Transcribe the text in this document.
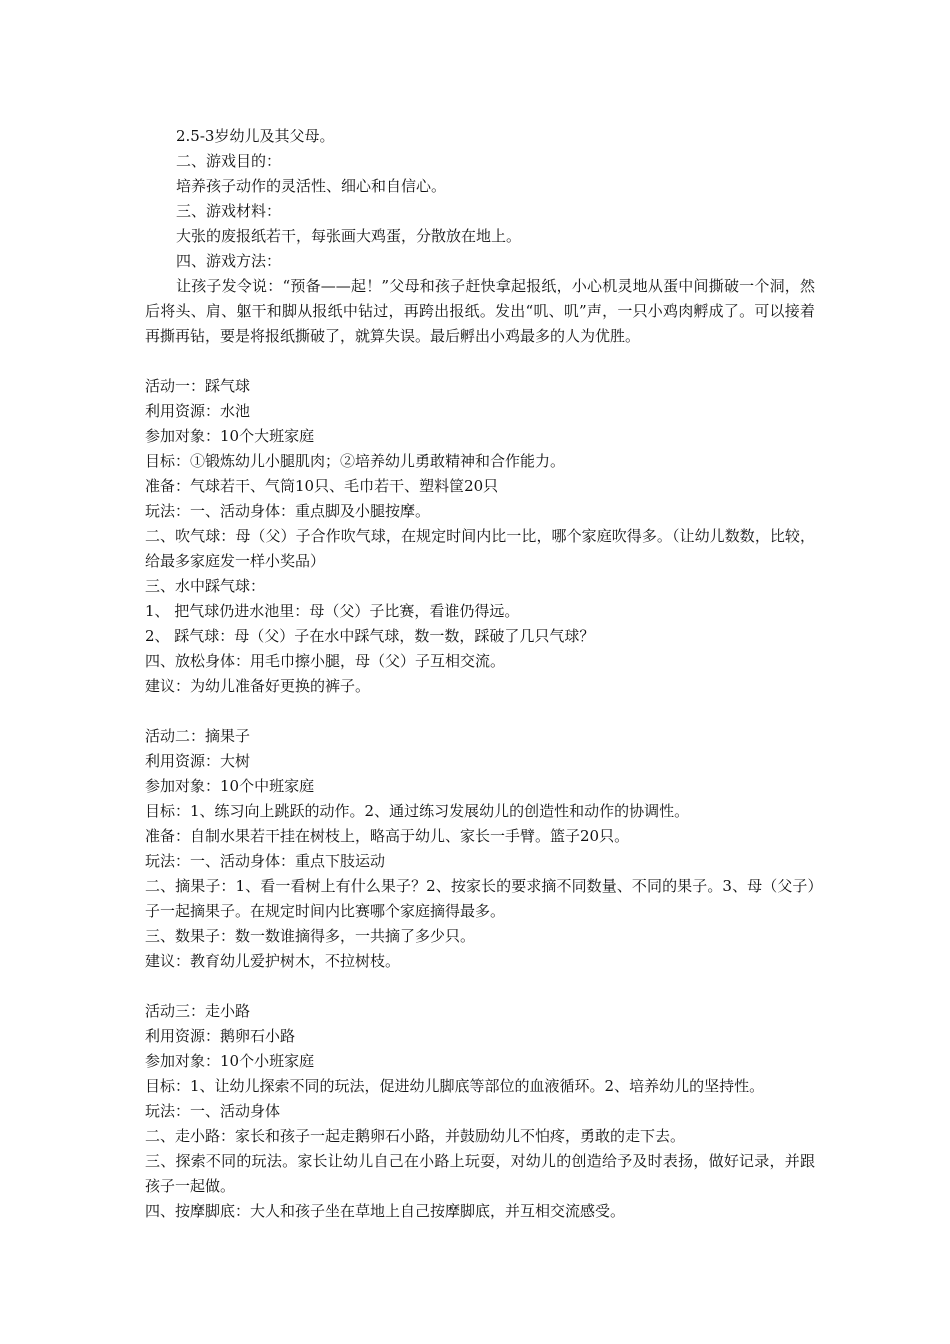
2.5-3岁幼儿及其父母。

二、游戏目的：

培养孩子动作的灵活性、细心和自信心。

三、游戏材料：

大张的废报纸若干，每张画大鸡蛋，分散放在地上。

四、游戏方法：

让孩子发令说：“预备——起！”父母和孩子赶快拿起报纸，小心机灵地从蛋中间撕破一个洞，然后将头、肩、躯干和脚从报纸中钻过，再跨出报纸。发出“叽、叽”声，一只小鸡肉孵成了。可以接着再撕再钻，要是将报纸撕破了，就算失误。最后孵出小鸡最多的人为优胜。

活动一：踩气球

利用资源：水池

参加对象：10个大班家庭

目标：①锻炼幼儿小腿肌肉；②培养幼儿勇敢精神和合作能力。

准备：气球若干、气筒10只、毛巾若干、塑料筐20只

玩法：一、活动身体：重点脚及小腿按摩。

二、吹气球：母（父）子合作吹气球，在规定时间内比一比，哪个家庭吹得多。（让幼儿数数，比较，给最多家庭发一样小奖品）

三、水中踩气球：

1、 把气球仍进水池里：母（父）子比赛，看谁仍得远。

2、 踩气球：母（父）子在水中踩气球，数一数，踩破了几只气球？

四、放松身体：用毛巾擦小腿，母（父）子互相交流。

建议：为幼儿准备好更换的裤子。

活动二：摘果子

利用资源：大树

参加对象：10个中班家庭

目标：1、练习向上跳跃的动作。2、通过练习发展幼儿的创造性和动作的协调性。

准备：自制水果若干挂在树枝上，略高于幼儿、家长一手臂。篮子20只。

玩法：一、活动身体：重点下肢运动

二、摘果子：1、看一看树上有什么果子？2、按家长的要求摘不同数量、不同的果子。3、母（父子）子一起摘果子。在规定时间内比赛哪个家庭摘得最多。

三、数果子：数一数谁摘得多，一共摘了多少只。

建议：教育幼儿爱护树木，不拉树枝。

活动三：走小路

利用资源：鹅卵石小路

参加对象：10个小班家庭

目标：1、让幼儿探索不同的玩法，促进幼儿脚底等部位的血液循环。2、培养幼儿的坚持性。

玩法：一、活动身体

二、走小路：家长和孩子一起走鹅卵石小路，并鼓励幼儿不怕疼，勇敢的走下去。

三、探索不同的玩法。家长让幼儿自己在小路上玩耍，对幼儿的创造给予及时表扬，做好记录，并跟孩子一起做。

四、按摩脚底：大人和孩子坐在草地上自己按摩脚底，并互相交流感受。
